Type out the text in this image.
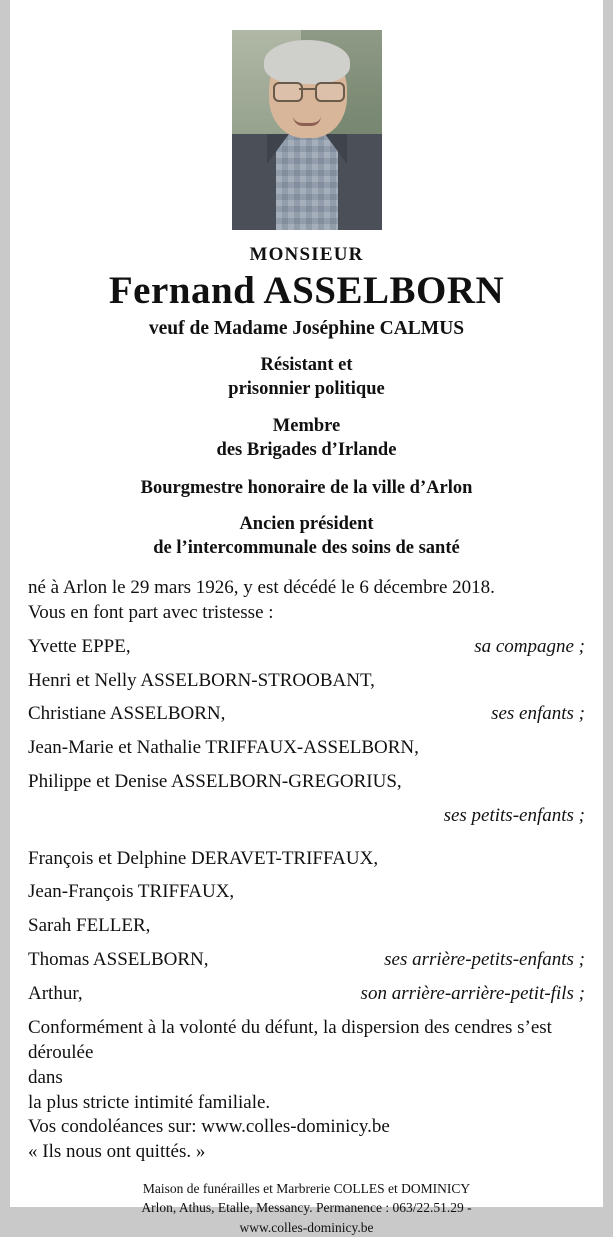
MONSIEUR
Fernand ASSELBORN
veuf de Madame Joséphine CALMUS
Résistant et
prisonnier politique
Membre
des Brigades d’Irlande
Bourgmestre honoraire de la ville d’Arlon
Ancien président
de l’intercommunale des soins de santé

né à Arlon le 29 mars 1926, y est décédé le 6 décembre 2018.

Vous en font part avec tristesse :

Yvette EPPE,	sa compagne ;
Henri et Nelly ASSELBORN-STROOBANT,
Christiane ASSELBORN,	ses enfants ;
Jean-Marie et Nathalie TRIFFAUX-ASSELBORN,
Philippe et Denise ASSELBORN-GREGORIUS,
ses petits-enfants ;
François et Delphine DERAVET-TRIFFAUX,
Jean-François TRIFFAUX,
Sarah FELLER,
Thomas ASSELBORN,	ses arrière-petits-enfants ;
Arthur,	son arrière-arrière-petit-fils ;

Conformément à la volonté du défunt, la dispersion des cendres s’est déroulée

dans

la plus stricte intimité familiale.

Vos condoléances sur: www.colles-dominicy.be

« Ils nous ont quittés. »

Maison de funérailles et Marbrerie COLLES et DOMINICY
Arlon, Athus, Etalle, Messancy. Permanence : 063/22.51.29 -
www.colles-dominicy.be
